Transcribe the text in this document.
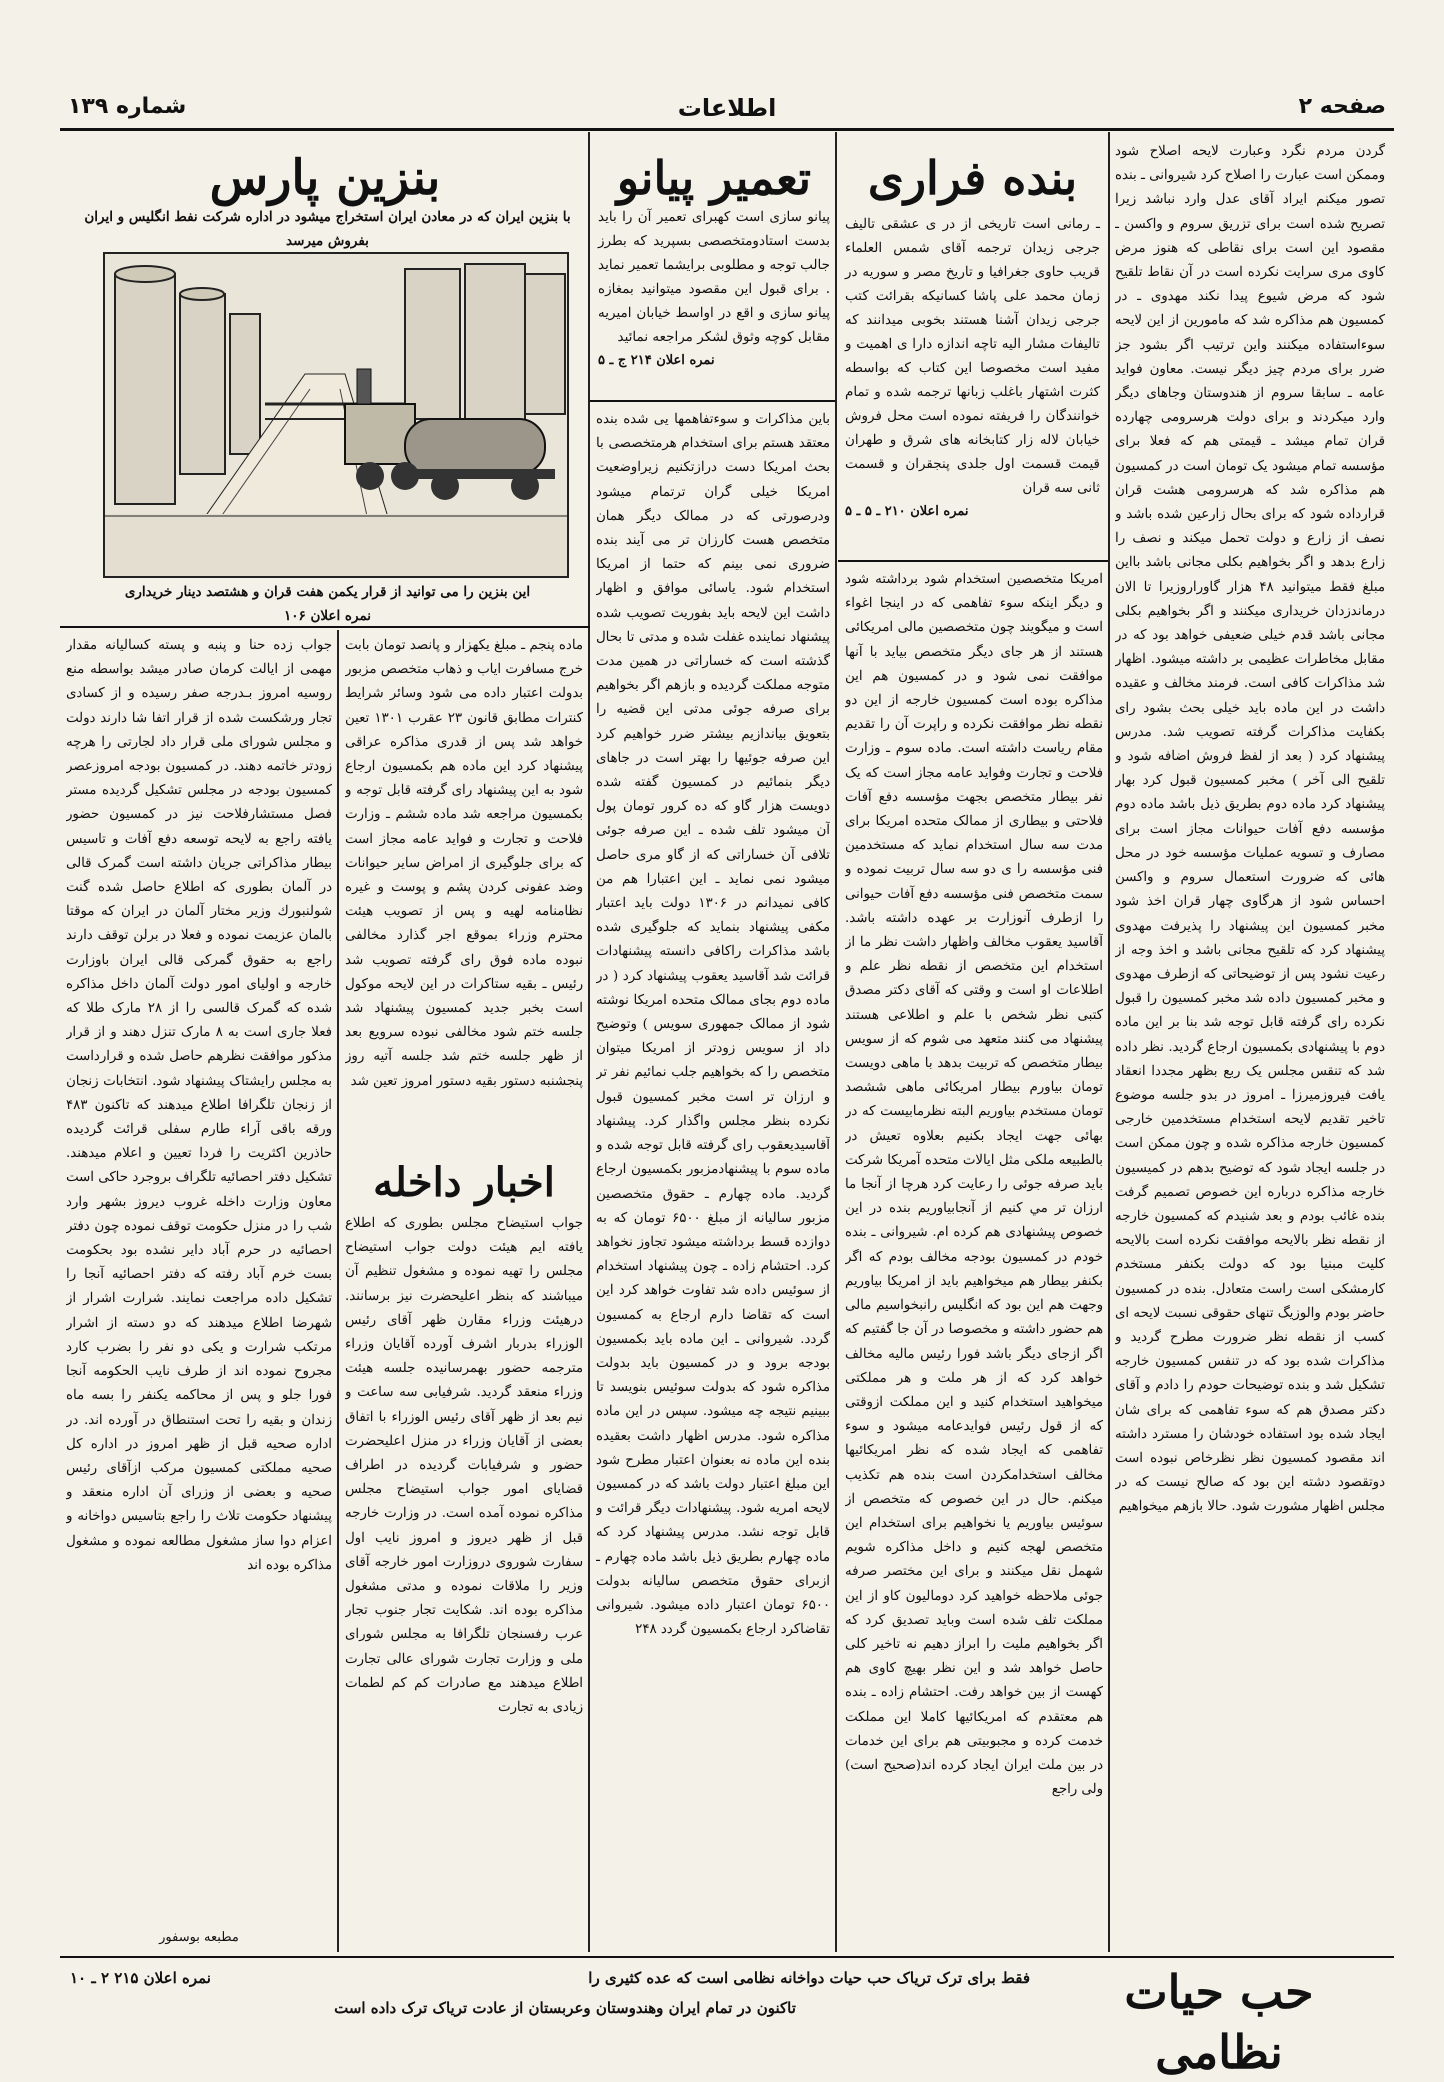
شماره ۱۳۹	اطلاعات	صفحه ۲

گردن مردم نگرد وعبارت لایحه اصلاح شود وممکن است عبارت را اصلاح کرد شیروانی ـ بنده تصور میکنم ایراد آقای عدل وارد نباشد زیرا تصریح شده است برای تزریق سروم و واکسن ـ مقصود این است برای نقاطی که هنوز مرض کاوی مری سرایت نکرده است در آن نقاط تلقیح شود که مرض شیوع پیدا نکند مهدوی ـ در کمسیون هم مذاکره شد که مامورین از این لایحه سوءاستفاده میکنند واین ترتیب اگر بشود جز ضرر برای مردم چیز دیگر نیست. معاون فواید عامه ـ سابقا سروم از هندوستان وجاهای دیگر وارد میکردند و برای دولت هرسرومی چهارده قران تمام میشد ـ قیمتی هم که فعلا برای مؤسسه تمام میشود یک تومان است در کمسیون هم مذاکره شد که هرسرومی هشت قران قرارداده شود که برای بحال زارعین شده باشد و نصف از زارع و دولت تحمل میکند و نصف را زارع بدهد و اگر بخواهیم بکلی مجانی باشد بااین مبلغ فقط میتوانید ۴۸ هزار گاوراروزیرا تا الان درماندزدان خریداری میکنند و اگر بخواهیم بکلی مجانی باشد قدم خیلی ضعیفی خواهد بود که در مقابل مخاطرات عظیمی بر داشته میشود. اظهار شد مذاکرات کافی است. فرمند مخالف و عقیده داشت در این ماده باید خیلی بحث بشود رای بکفایت مذاکرات گرفته تصویب شد. مدرس پیشنهاد کرد ( بعد از لفظ فروش اضافه شود و تلقیح الی آخر ) مخبر کمسیون قبول کرد بهار پیشنهاد کرد ماده دوم بطریق ذیل باشد ماده دوم مؤسسه دفع آفات حیوانات مجاز است برای مصارف و تسویه عملیات مؤسسه خود در محل هائی که ضرورت استعمال سروم و واکسن احساس شود از هرگاوی چهار قران اخذ شود مخبر کمسیون این پیشنهاد را پذیرفت مهدوی پیشنهاد کرد که تلقیح مجانی باشد و اخذ وجه از رعیت نشود پس از توضیحاتی که ازطرف مهدوی و مخبر کمسیون داده شد مخبر کمسیون را قبول نکرده رای گرفته قابل توجه شد بنا بر این ماده دوم با پیشنهادی بکمسیون ارجاع گردید. نظر داده شد که تنقس مجلس یک ربع بظهر مجددا انعقاد یافت فیروزمیرزا ـ امروز در بدو جلسه موضوع تاخیر تقدیم لایحه استخدام مستخدمین خارجی کمسیون خارجه مذاکره شده و چون ممکن است در جلسه ایجاد شود که توضیح بدهم در کمیسیون خارجه مذاکره درباره این خصوص تصمیم گرفت بنده غائب بودم و بعد شنیدم که کمسیون خارجه از نقطه نظر بالایحه موافقت نکرده است بالایحه کلیت مبنیا بود که دولت بکنفر مستخدم کارمشکی است راست متعادل. بنده در کمسیون حاضر بودم والوزیگ تنهای حقوقی نسبت لایحه ای کسب از نقطه نظر ضرورت مطرح گردید و مذاکرات شده بود که در تنفس کمسیون خارجه تشکیل شد و بنده توضیحات حودم را دادم و آقای دکتر مصدق هم که سوء تفاهمی که برای شان ایجاد شده بود استفاده خودشان را مسترد داشته اند مقصود کمسیون نظر نظرخاص نبوده است دوتقصود دشته این بود که صالح نیست که در مجلس اظهار مشورت شود. حالا بازهم میخواهیم

بنده فراری
ـ رمانی است تاریخی از در ی عشقی تالیف جرجی زیدان ترجمه آقای شمس العلماء قریب حاوی جغرافیا و تاریخ مصر و سوریه در زمان محمد علی پاشا کسانیکه بقرائت کتب جرجی زیدان آشنا هستند بخوبی میدانند که تالیفات مشار الیه تاچه اندازه دارا ی اهمیت و مفید است مخصوصا این کتاب که بواسطه کثرت اشتهار باغلب زبانها ترجمه شده و تمام خوانندگان را فریفته نموده است محل فروش خیابان لاله زار کتابخانه های شرق و طهران قیمت قسمت اول جلدی پنجقران و قسمت ثانی سه قران
نمره اعلان ۲۱۰ ـ ۵ ـ ۵

امریکا متخصصین استخدام شود برداشته شود و دیگر اینکه سوء تفاهمی که در اینجا اغواء است و میگویند چون متخصصین مالی امریکائی هستند از هر جای دیگر متخصص بیاید با آنها موافقت نمی شود و در کمسیون هم این مذاکره بوده است کمسیون خارجه از این دو نقطه نظر موافقت نکرده و راپرت آن را تقدیم مقام ریاست داشته است. ماده سوم ـ وزارت فلاحت و تجارت وفواید عامه مجاز است که یک نفر بیطار متخصص بجهت مؤسسه دفع آفات فلاحتی و بیطاری از ممالک متحده امریکا برای مدت سه سال استخدام نماید که مستخدمین فنی مؤسسه را ی دو سه سال تربیت نموده و سمت متخصص فنی مؤسسه دفع آفات حیوانی را ازطرف آنوزارت بر عهده داشته باشد. آقاسید یعقوب مخالف واظهار داشت نظر ما از استخدام این متخصص از نقطه نظر علم و اطلاعات او است و وقتی که آقای دکتر مصدق کتبی نظر شخص با علم و اطلاعی هستند پیشنهاد می کنند متعهد می شوم که از سویس بیطار متخصص که تربیت بدهد با ماهی دویست تومان بیاورم بیطار امریکائی ماهی ششصد تومان مستخدم بیاوریم البته نظرمابیست که در بهائی جهت ایجاد بکنیم بعلاوه تعیش در بالطبیعه ملکی مثل ایالات متحده آمریکا شرکت باید صرفه جوئی را رعایت کرد هرچا از آنجا ما ارزان تر مي كنيم از آنجابیاوریم بنده در این خصوص پیشنهادی هم کرده ام. شیروانی ـ بنده خودم در کمسیون بودجه مخالف بودم که اگر بکنفر بیطار هم میخواهیم باید از امریکا بیاوریم وجهت هم این بود که انگلیس رانبخواسیم مالی هم حضور داشته و مخصوصا در آن جا گفتیم که اگر ازجای دیگر باشد فورا رئیس مالیه مخالف خواهد کرد که از هر ملت و هر مملکتی میخواهید استخدام کنید و این مملکت ازوقتی که از قول رئیس فوایدعامه میشود و سوء تفاهمی که ایجاد شده که نظر امریکائیها مخالف استخدامکردن است بنده هم تکذیب میکنم. حال در این خصوص که متخصص از سوئیس بیاوریم یا نخواهیم برای استخدام این متخصص لهجه کنیم و داخل مذاکره شویم شهمل نقل میکنند و برای این مختصر صرفه جوئی ملاحظه خواهید کرد دومالیون کاو از این مملکت تلف شده است وباید تصدیق کرد که اگر بخواهیم ملیت را ابراز دهیم نه تاخیر کلی حاصل خواهد شد و این نظر بهیچ کاوی هم کهست از بین خواهد رفت. احتشام زاده ـ بنده هم معتقدم که امریکائیها کاملا این مملکت خدمت کرده و مجبوبیتی هم برای این خدمات در بین ملت ایران ایجاد کرده اند(صحیح است) ولی راجع

تعمیر پیانو
پیانو سازی است کهبرای تعمیر آن را باید بدست استادومتخصصی بسپرید که بطرز جالب توجه و مطلوبی برایشما تعمیر نماید . برای قبول این مقصود میتوانید بمغازه پیانو سازی و اقع در اواسط خیابان امیریه مقابل کوچه وثوق لشکر مراجعه نمائید
نمره اعلان ۲۱۴ ج ـ ۵

باین مذاکرات و سوءتفاهمها یی شده بنده معتقد هستم برای استخدام هرمتخصصی با بحث امریکا دست درازتکنیم زیراوضعیت امریکا خیلی گران ترتمام میشود ودرصورتی که در ممالک دیگر همان متخصص هست کارزان تر می آیند بنده ضروری نمی بینم که حتما از امریکا استخدام شود. یاسائی موافق و اظهار داشت این لایحه باید بفوریت تصویب شده پیشنهاد نماینده غفلت شده و مدتی تا بحال گذشته است که خساراتی در همین مدت متوجه مملکت گردیده و بازهم اگر بخواهیم برای صرفه جوئی مدتی این قضیه را بتعویق بیاندازیم بیشتر ضرر خواهیم کرد این صرفه جوئیها را بهتر است در جاهای دیگر بنمائیم در کمسیون گفته شده دویست هزار گاو که ده کرور تومان پول آن میشود تلف شده ـ این صرفه جوئی تلافی آن خساراتی که از گاو مری حاصل میشود نمی نماید ـ این اعتبارا هم من کافی نمیدانم در ۱۳۰۶ دولت باید اعتبار مکفی پیشنهاد بنماید که جلوگیری شده باشد مذاکرات راکافی دانسته پیشنهادات قرائت شد آقاسید یعقوب پیشنهاد کرد ( در ماده دوم بجای ممالک متحده امریکا نوشته شود از ممالک جمهوری سویس ) وتوضیح داد از سویس زودتر از امریکا میتوان متخصص را که بخواهیم جلب نمائیم نفر تر و ارزان تر است مخبر کمسیون قبول نکرده بنظر مجلس واگذار کرد. پیشنهاد آقاسیدیعقوب رای گرفته قابل توجه شده و ماده سوم با پیشنهادمزبور بکمسیون ارجاع گردید. ماده چهارم ـ حقوق متخصصین مزبور سالیانه از مبلغ ۶۵۰۰ تومان که به دوازده قسط برداشته میشود تجاوز نخواهد کرد. احتشام زاده ـ چون پیشنهاد استخدام از سوئیس داده شد تفاوت خواهد کرد این است که تقاضا دارم ارجاع به کمسیون گردد. شیروانی ـ این ماده باید بکمسیون بودجه برود و در کمسیون باید بدولت مذاکره شود که بدولت سوئیس بنویسد تا ببینیم نتیجه چه میشود. سپس در این ماده مذاکره شود. مدرس اظهار داشت بعقیده بنده این ماده نه بعنوان اعتبار مطرح شود این مبلغ اعتبار دولت باشد که در کمسیون لایحه امریه شود. پیشنهادات دیگر قرائت و قابل توجه نشد. مدرس پیشنهاد کرد که ماده چهارم بطریق ذیل باشد ماده چهارم ـ ازبرای حقوق متخصص سالیانه بدولت ۶۵۰۰ تومان اعتبار داده میشود. شیروانی تقاضاکرد ارجاع بکمسیون گردد ۲۴۸

بنزین پارس
با بنزین ایران که در معادن ایران استخراج میشود در اداره شرکت نفط انگلیس و ایران بفروش میرسد
این بنزین را می توانید از قرار یکمن هفت قران و هشتصد دینار خریداری
نمره اعلان ۱۰۶

ماده پنجم ـ مبلغ یکهزار و پانصد تومان بابت خرج مسافرت ایاب و ذهاب متخصص مزبور بدولت اعتبار داده می شود وسائر شرایط کنترات مطابق قانون ۲۳ عقرب ۱۳۰۱ تعین خواهد شد پس از قدری مذاکره عراقی پیشنهاد کرد این ماده هم بکمسیون ارجاع شود به این پیشنهاد رای گرفته قابل توجه و بکمسیون مراجعه شد ماده ششم ـ وزارت فلاحت و تجارت و فواید عامه مجاز است که برای جلوگیری از امراض سایر حیوانات وضد عفونی کردن پشم و پوست و غیره نظامنامه لهیه و پس از تصویب هیئت محترم وزراء بموقع اجر گذارد مخالفی نبوده ماده فوق رای گرفته تصویب شد رئیس ـ بقیه ستاکرات در این لایحه موکول است بخبر جدید کمسیون پیشنهاد شد جلسه ختم شود مخالفی نبوده سرویع بعد از ظهر جلسه ختم شد جلسه آتیه روز پنجشنبه دستور بقیه دستور امروز تعین شد

اخبار داخله

جواب استیضاح مجلس بطوری که اطلاع یافته ایم هیئت دولت جواب استیضاح مجلس را تهیه نموده و مشغول تنظیم آن میباشند که بنظر اعلیحضرت نیز برسانند. درهیئت وزراء مقارن ظهر آقای رئیس الوزراء بدربار اشرف آورده آقایان وزراء مترجمه حضور بهمرسانیده جلسه هیئت وزراء منعقد گردید. شرفیابی سه ساعت و نیم بعد از ظهر آقای رئیس الوزراء با اتفاق بعضی از آقایان وزراء در منزل اعلیحضرت حضور و شرفیابات گردیده در اطراف قضایای امور جواب استیضاح مجلس مذاکره نموده آمده است. در وزارت خارجه قبل از ظهر دیروز و امروز نایب اول سفارت شوروی دروزارت امور خارجه آقای وزیر را ملاقات نموده و مدتی مشغول مذاکره بوده اند. شکایت تجار جنوب تجار عرب رفسنجان تلگرافا به مجلس شورای ملی و وزارت تجارت شورای عالی تجارت اطلاع میدهند مع صادرات کم کم لطمات زیادی به تجارت

جواب زده حنا و پنبه و پسته کساليانه مقدار مهمی از ایالت کرمان صادر میشد بواسطه منع روسیه امروز بـدرجه صفر رسیده و از کسادی تجار ورشکست شده از قرار اتفا شا دارند دولت و مجلس شورای ملی قرار داد لجارتی را هرچه زودتر خاتمه دهند. در کمسیون بودجه امروزعصر کمسیون بودجه در مجلس تشکیل گردیده مستر فصل مستشارفلاحت نیز در کمسیون حضور یافته راجع به لایحه توسعه دفع آفات و تاسیس بیطار مذاکراتی جریان داشته است گمرک قالی در آلمان بطوری که اطلاع حاصل شده گنت شولنبورك وزیر مختار آلمان در ایران که موقتا بالمان عزیمت نموده و فعلا در برلن توقف دارند راجع به حقوق گمرکی قالی ایران باوزارت خارجه و اولیای امور دولت آلمان داخل مذاکره شده که گمرک قالسی را از ۲۸ مارک طلا که فعلا جاری است به ۸ مارک تنزل دهند و از قرار مذکور موافقت نظرهم حاصل شده و قرارداست به مجلس رایشتاک پیشنهاد شود. انتخابات زنجان از زنجان تلگرافا اطلاع میدهند که تاکنون ۴۸۳ ورقه باقی آراء طارم سفلی قرائت گردیده حاذرین اکثریت را فردا تعیین و اعلام میدهند. تشکیل دفتر احصائیه تلگراف بروجرد حاکی است معاون وزارت داخله غروب دیروز بشهر وارد شب را در منزل حکومت توقف نموده چون دفتر احصائیه در حرم آباد دایر نشده بود بحکومت بست خرم آباد رفته که دفتر احصائیه آنجا را تشکیل داده مراجعت نمایند. شرارت اشرار از شهرضا اطلاع میدهند که دو دسته از اشرار مرتکب شرارت و یکی دو نفر را بضرب کارد مجروح نموده اند از طرف نایب الحکومه آنجا فورا جلو و پس از محاکمه یکنفر را بسه ماه زندان و بقیه را تحت استنطاق در آورده اند. در اداره صحیه قبل از ظهر امروز در اداره کل صحیه مملکتی کمسیون مرکب ازآقای رئیس صحیه و بعضی از وزرای آن اداره منعقد و پیشنهاد حکومت تلاث را راجع بتاسیس دواخانه و اعزام دوا ساز مشغول مطالعه نموده و مشغول مذاکره بوده اند

مطبعه بوسفور
حب حیات نظامی
فقط برای ترک تریاک حب حیات دواخانه نظامی است که عده کثیری را
نمره اعلان ۲۱۵ ۲ ـ ۱۰
تاکنون در تمام ایران وهندوستان وعربستان از عادت تریاک ترک داده است
